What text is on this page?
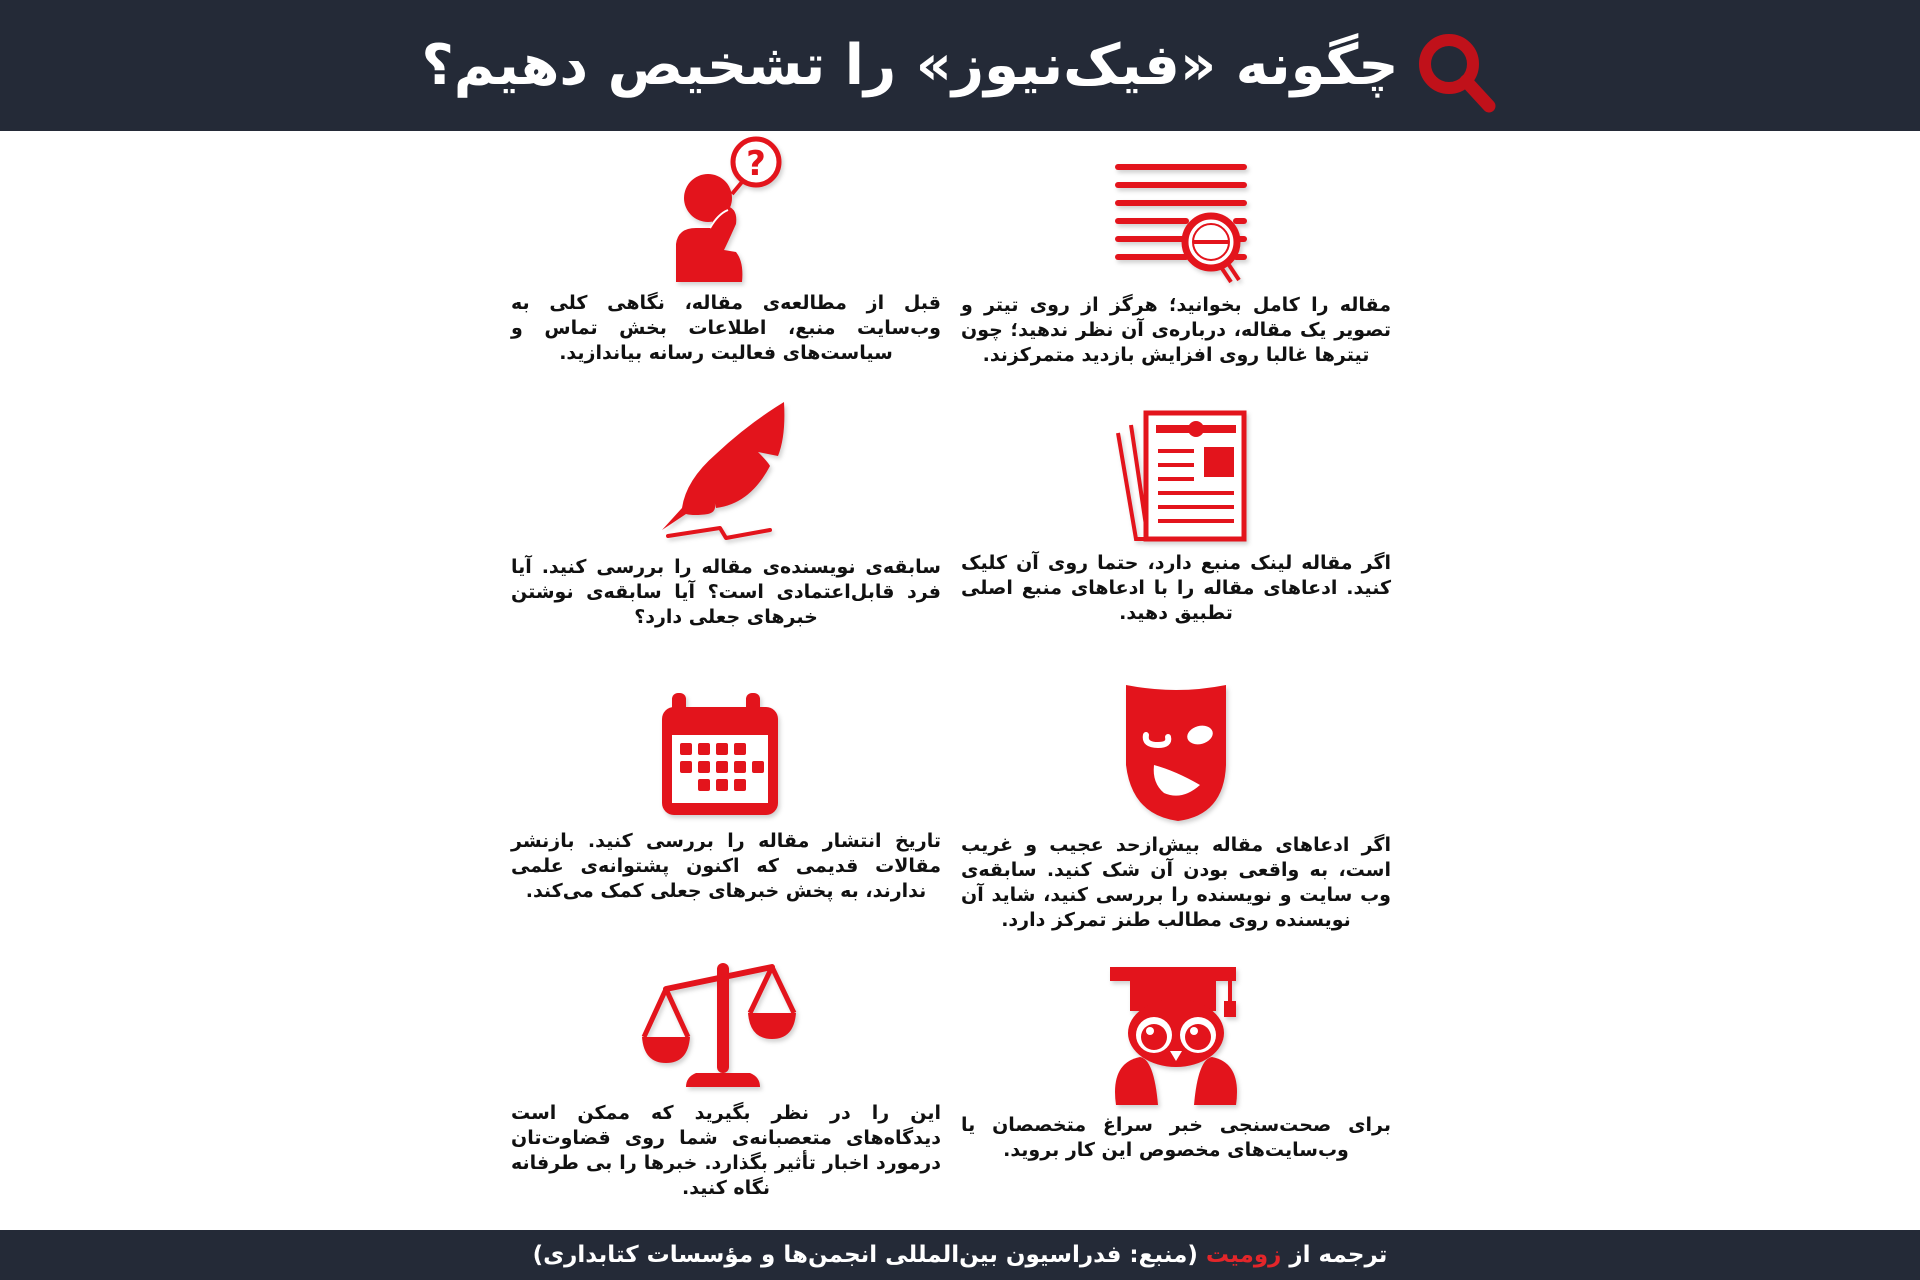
چگونه «فیک‌نیوز» را تشخیص دهیم؟
مقاله را کامل بخوانید؛ هرگز از روی تیتر و تصویر یک مقاله، درباره‌ی آن نظر ندهید؛ چون تیترها غالبا روی افزایش بازدید متمرکزند.
?
قبل از مطالعه‌ی مقاله، نگاهی کلی به وب‌سایت منبع، اطلاعات بخش تماس و سیاست‌های فعالیت رسانه بیاندازید.
اگر مقاله لینک منبع دارد، حتما روی آن کلیک کنید. ادعاهای مقاله را با ادعاهای منبع اصلی تطبیق دهید.
سابقه‌ی نویسنده‌ی مقاله را بررسی کنید. آیا فرد قابل‌اعتمادی است؟ آیا سابقه‌ی نوشتن خبرهای جعلی دارد؟
اگر ادعاهای مقاله بیش‌ازحد عجیب و غریب است، به واقعی بودن آن شک کنید. سابقه‌ی وب سایت و نویسنده را بررسی کنید، شاید آن نویسنده روی مطالب طنز تمرکز دارد.
تاریخ انتشار مقاله را بررسی کنید. بازنشر مقالات قدیمی که اکنون پشتوانه‌ی علمی ندارند، به پخش خبرهای جعلی کمک می‌کند.
برای صحت‌سنجی خبر سراغ متخصصان یا وب‌سایت‌های مخصوص این کار بروید.
این را در نظر بگیرید که ممکن است دیدگاه‌های متعصبانه‌ی شما روی قضاوت‌تان درمورد اخبار تأثیر بگذارد. خبرها را بی طرفانه نگاه کنید.
ترجمه از زومیت (منبع: فدراسیون بین‌المللی انجمن‌ها و مؤسسات کتابداری)
